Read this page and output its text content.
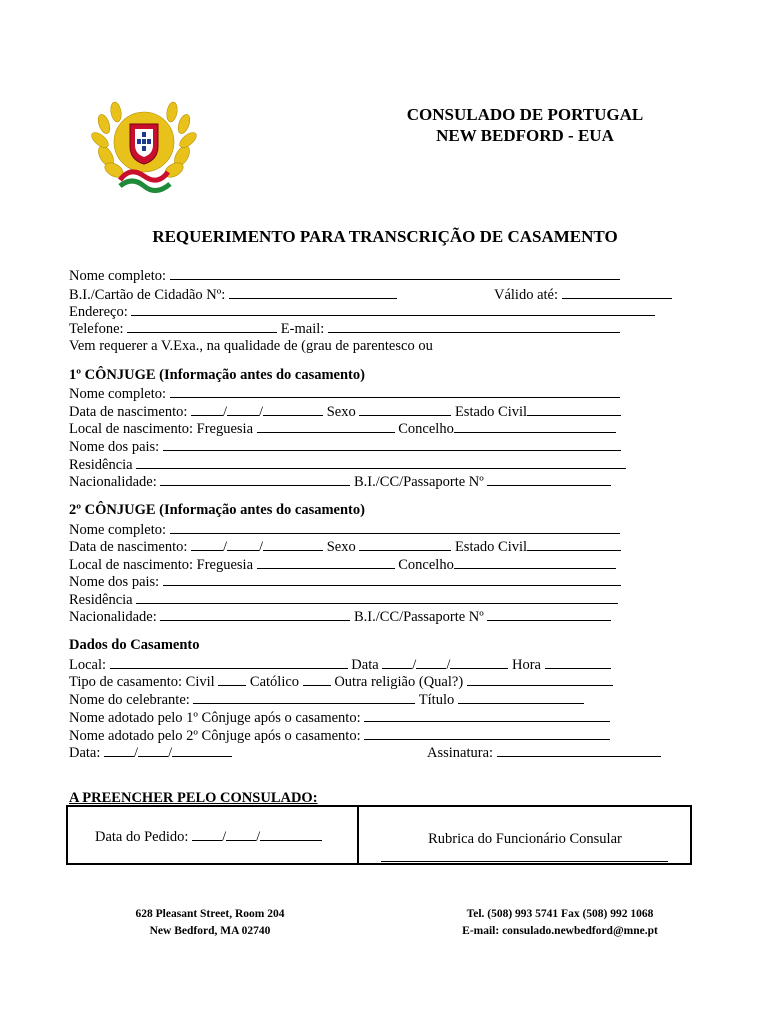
CONSULADO DE PORTUGAL
NEW BEDFORD - EUA
REQUERIMENTO PARA TRANSCRIÇÃO DE CASAMENTO
Nome completo:
B.I./Cartão de Cidadão Nº:	Válido até:
Endereço:
Telefone:	E-mail:
Vem requerer a V.Exa., na qualidade de (grau de parentesco ou
1º CÔNJUGE (Informação antes do casamento)
Nome completo:
Data de nascimento: / /	Sexo	Estado Civil
Local de nascimento: Freguesia	Concelho
Nome dos pais:
Residência
Nacionalidade:	B.I./CC/Passaporte Nº
2º CÔNJUGE (Informação antes do casamento)
Nome completo:
Data de nascimento: / /	Sexo	Estado Civil
Local de nascimento: Freguesia	Concelho
Nome dos pais:
Residência
Nacionalidade:	B.I./CC/Passaporte Nº
Dados do Casamento
Local:	Data / /	Hora
Tipo de casamento: Civil Católico Outra religião (Qual?)
Nome do celebrante:	Título
Nome adotado pelo 1º Cônjuge após o casamento:
Nome adotado pelo 2º Cônjuge após o casamento:
Data: / /	Assinatura:
A PREENCHER PELO CONSULADO:
Data do Pedido: / /	Rubrica do Funcionário Consular
628 Pleasant Street, Room 204
New Bedford, MA 02740
Tel. (508) 993 5741 Fax (508) 992 1068
E-mail: consulado.newbedford@mne.pt
